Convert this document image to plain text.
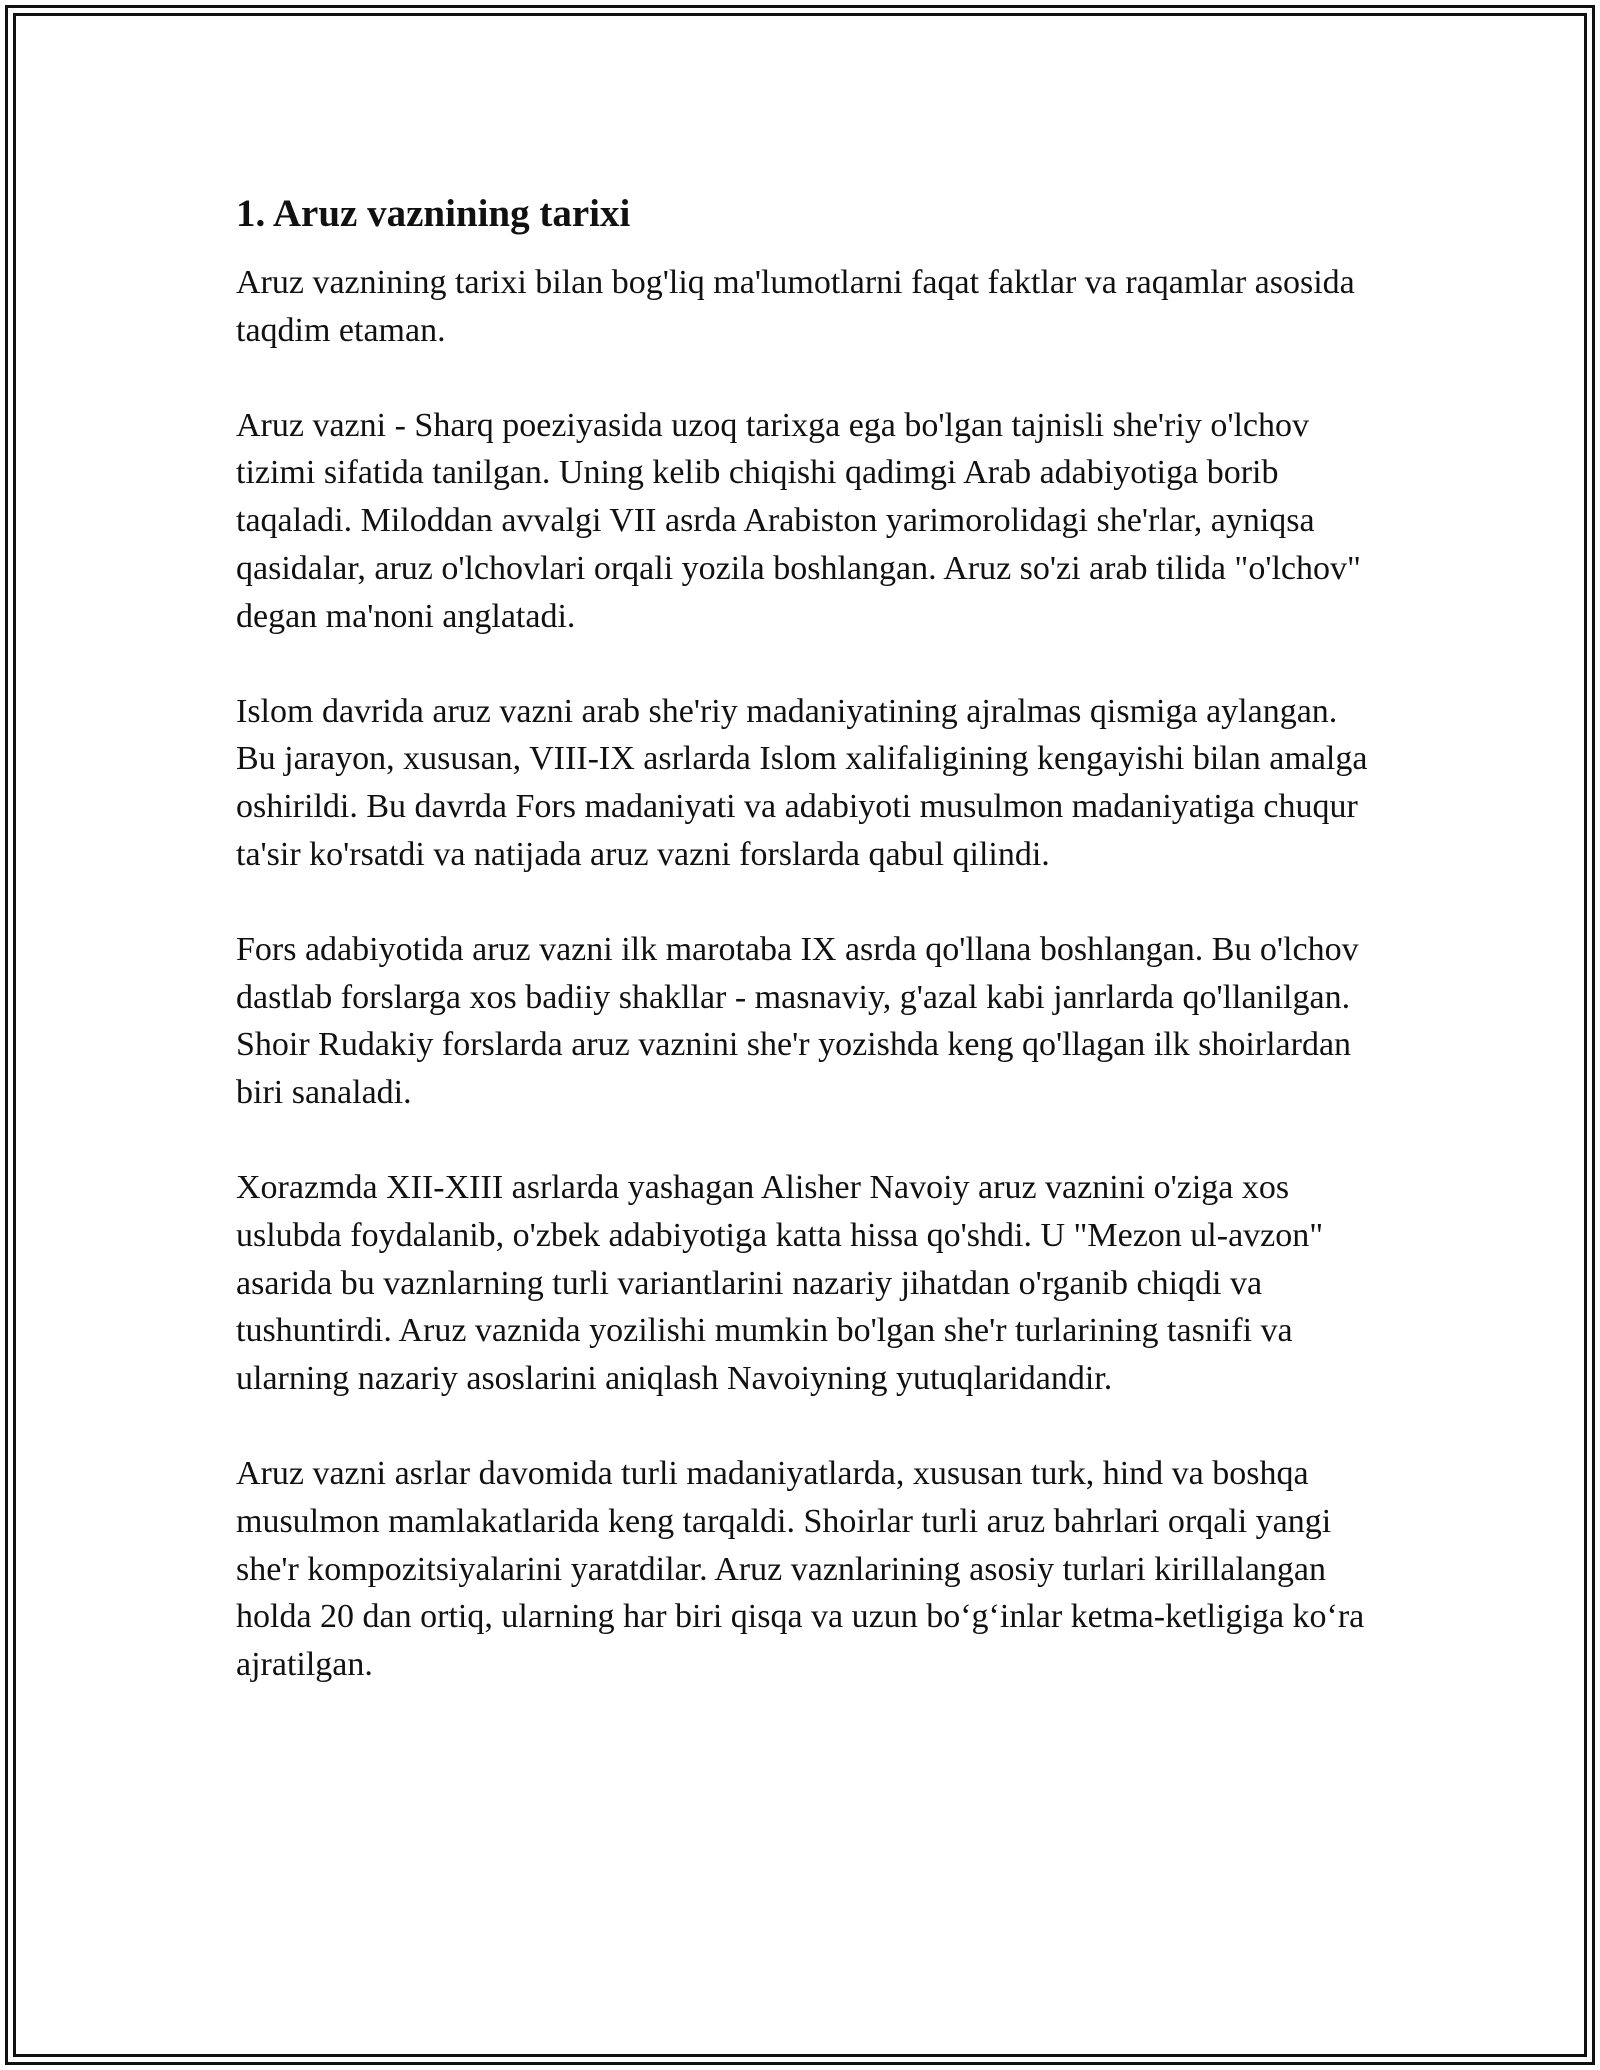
1. Aruz vaznining tarixi

Aruz vaznining tarixi bilan bog'liq ma'lumotlarni faqat faktlar va raqamlar asosida taqdim etaman.

Aruz vazni - Sharq poeziyasida uzoq tarixga ega bo'lgan tajnisli she'riy o'lchov tizimi sifatida tanilgan. Uning kelib chiqishi qadimgi Arab adabiyotiga borib taqaladi. Miloddan avvalgi VII asrda Arabiston yarimorolidagi she'rlar, ayniqsa qasidalar, aruz o'lchovlari orqali yozila boshlangan. Aruz so'zi arab tilida "o'lchov" degan ma'noni anglatadi.

Islom davrida aruz vazni arab she'riy madaniyatining ajralmas qismiga aylangan. Bu jarayon, xususan, VIII-IX asrlarda Islom xalifaligining kengayishi bilan amalga oshirildi. Bu davrda Fors madaniyati va adabiyoti musulmon madaniyatiga chuqur ta'sir ko'rsatdi va natijada aruz vazni forslarda qabul qilindi.

Fors adabiyotida aruz vazni ilk marotaba IX asrda qo'llana boshlangan. Bu o'lchov dastlab forslarga xos badiiy shakllar - masnaviy, g'azal kabi janrlarda qo'llanilgan. Shoir Rudakiy forslarda aruz vaznini she'r yozishda keng qo'llagan ilk shoirlardan biri sanaladi.

Xorazmda XII-XIII asrlarda yashagan Alisher Navoiy aruz vaznini o'ziga xos uslubda foydalanib, o'zbek adabiyotiga katta hissa qo'shdi. U "Mezon ul-avzon" asarida bu vaznlarning turli variantlarini nazariy jihatdan o'rganib chiqdi va tushuntirdi. Aruz vaznida yozilishi mumkin bo'lgan she'r turlarining tasnifi va ularning nazariy asoslarini aniqlash Navoiyning yutuqlaridandir.

Aruz vazni asrlar davomida turli madaniyatlarda, xususan turk, hind va boshqa musulmon mamlakatlarida keng tarqaldi. Shoirlar turli aruz bahrlari orqali yangi she'r kompozitsiyalarini yaratdilar. Aruz vaznlarining asosiy turlari kirillalangan holda 20 dan ortiq, ularning har biri qisqa va uzun bo‘g‘inlar ketma-ketligiga ko‘ra ajratilgan.
